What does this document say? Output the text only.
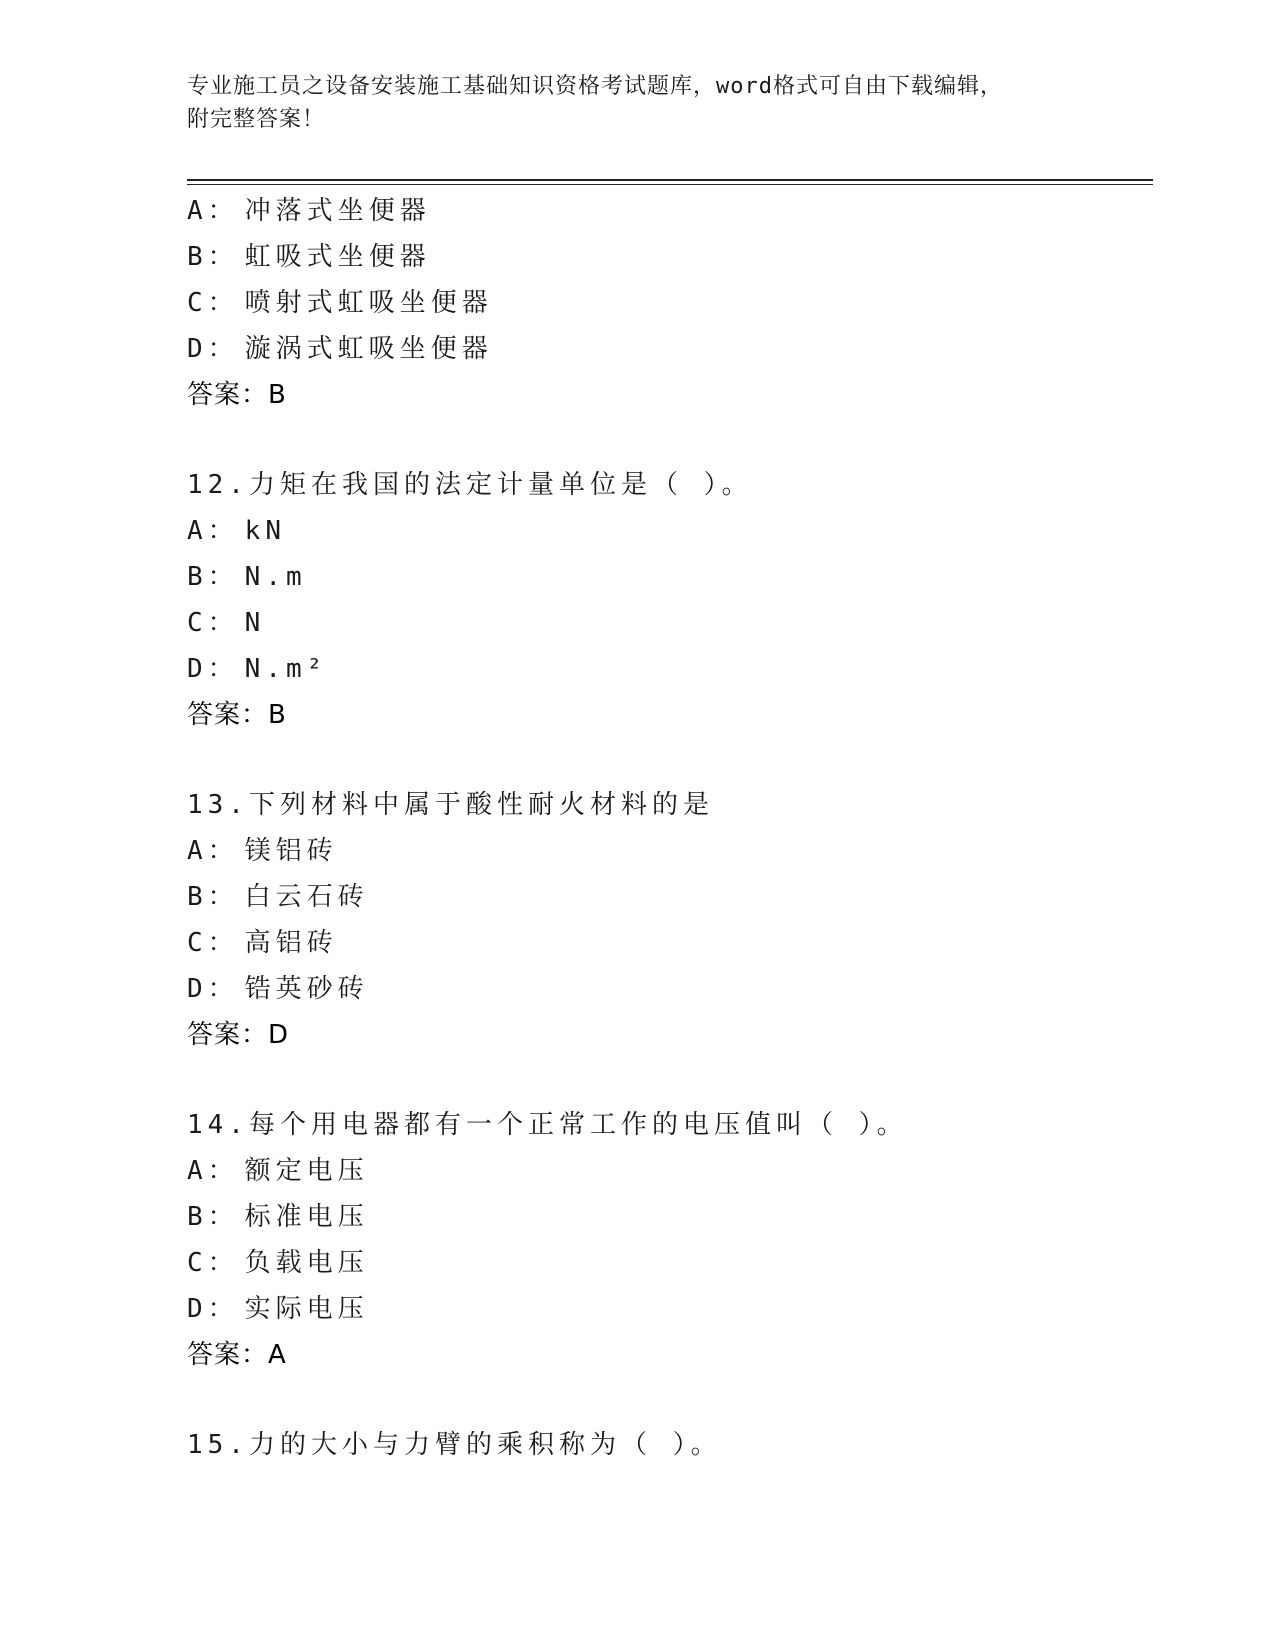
专业施工员之设备安装施工基础知识资格考试题库，word格式可自由下载编辑，
附完整答案！
A： 冲落式坐便器
B： 虹吸式坐便器
C： 喷射式虹吸坐便器
D： 漩涡式虹吸坐便器
答案：B
12.力矩在我国的法定计量单位是（ ）。
A： kN
B： N.m
C： N
D： N.m²
答案：B
13.下列材料中属于酸性耐火材料的是
A： 镁铝砖
B： 白云石砖
C： 高铝砖
D： 锆英砂砖
答案：D
14.每个用电器都有一个正常工作的电压值叫（ ）。
A： 额定电压
B： 标准电压
C： 负载电压
D： 实际电压
答案：A
15.力的大小与力臂的乘积称为（ ）。
